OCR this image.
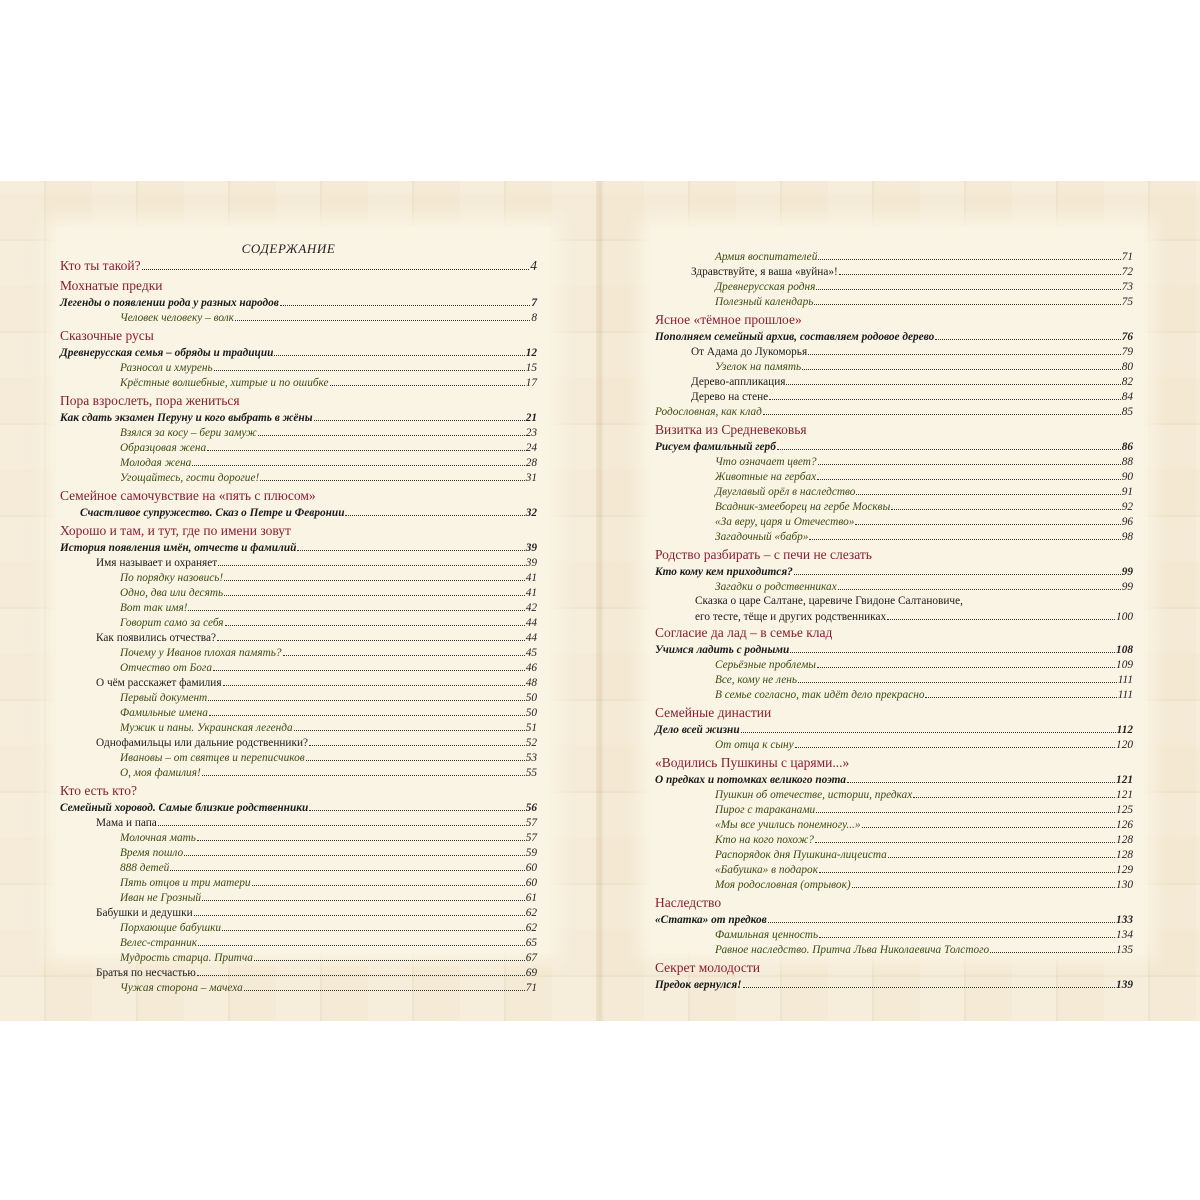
СОДЕРЖАНИЕ
Кто ты такой?	4
Мохнатые предки
Легенды о появлении рода у разных народов	7
Человек человеку – волк	8
Сказочные русы
Древнерусская семья – обряды и традиции	12
Разносол и хмурень	15
Крёстные волшебные, хитрые и по ошибке	17
Пора взрослеть, пора жениться
Как сдать экзамен Перуну и кого выбрать в жёны	21
Взялся за косу – бери замуж	23
Образцовая жена	24
Молодая жена	28
Угощайтесь, гости дорогие!	31
Семейное самочувствие на «пять с плюсом»
Счастливое супружество. Сказ о Петре и Февронии	32
Хорошо и там, и тут, где по имени зовут
История появления имён, отчеств и фамилий	39
Имя называет и охраняет	39
По порядку назовись!	41
Одно, два или десять	41
Вот так имя!	42
Говорит само за себя	44
Как появились отчества?	44
Почему у Иванов плохая память?	45
Отчество от Бога	46
О чём расскажет фамилия	48
Первый документ	50
Фамильные имена	50
Мужик и паны. Украинская легенда	51
Однофамильцы или дальние родственники?	52
Ивановы – от святцев и переписчиков	53
О, моя фамилия!	55
Кто есть кто?
Семейный хоровод. Самые близкие родственники	56
Мама и папа	57
Молочная мать	57
Время пошло	59
888 детей	60
Пять отцов и три матери	60
Иван не Грозный	61
Бабушки и дедушки	62
Порхающие бабушки	62
Велес-странник	65
Мудрость старца. Притча	67
Братья по несчастью	69
Чужая сторона – мачеха	71
Армия воспитателей	71
Здравствуйте, я ваша «вуйна»!	72
Древнерусская родня	73
Полезный календарь	75
Ясное «тёмное прошлое»
Пополняем семейный архив, составляем родовое дерево	76
От Адама до Лукоморья	79
Узелок на память	80
Дерево-аппликация	82
Дерево на стене	84
Родословная, как клад	85
Визитка из Средневековья
Рисуем фамильный герб	86
Что означает цвет?	88
Животные на гербах	90
Двуглавый орёл в наследство	91
Всадник-змееборец на гербе Москвы	92
«За веру, царя и Отечество»	96
Загадочный «бабр»	98
Родство разбирать – с печи не слезать
Кто кому кем приходится?	99
Загадки о родственниках	99
Сказка о царе Салтане, царевиче Гвидоне Салтановиче,
его тесте, тёще и других родственниках	100
Согласие да лад – в семье клад
Учимся ладить с родными	108
Серьёзные проблемы	109
Все, кому не лень	111
В семье согласно, так идёт дело прекрасно	111
Семейные династии
Дело всей жизни	112
От отца к сыну	120
«Водились Пушкины с царями...»
О предках и потомках великого поэта	121
Пушкин об отечестве, истории, предках	121
Пирог с тараканами	125
«Мы все учились понемногу...»	126
Кто на кого похож?	128
Распорядок дня Пушкина-лицеиста	128
«Бабушка» в подарок	129
Моя родословная (отрывок)	130
Наследство
«Статка» от предков	133
Фамильная ценность	134
Равное наследство. Притча Льва Николаевича Толстого	135
Секрет молодости
Предок вернулся!	139
